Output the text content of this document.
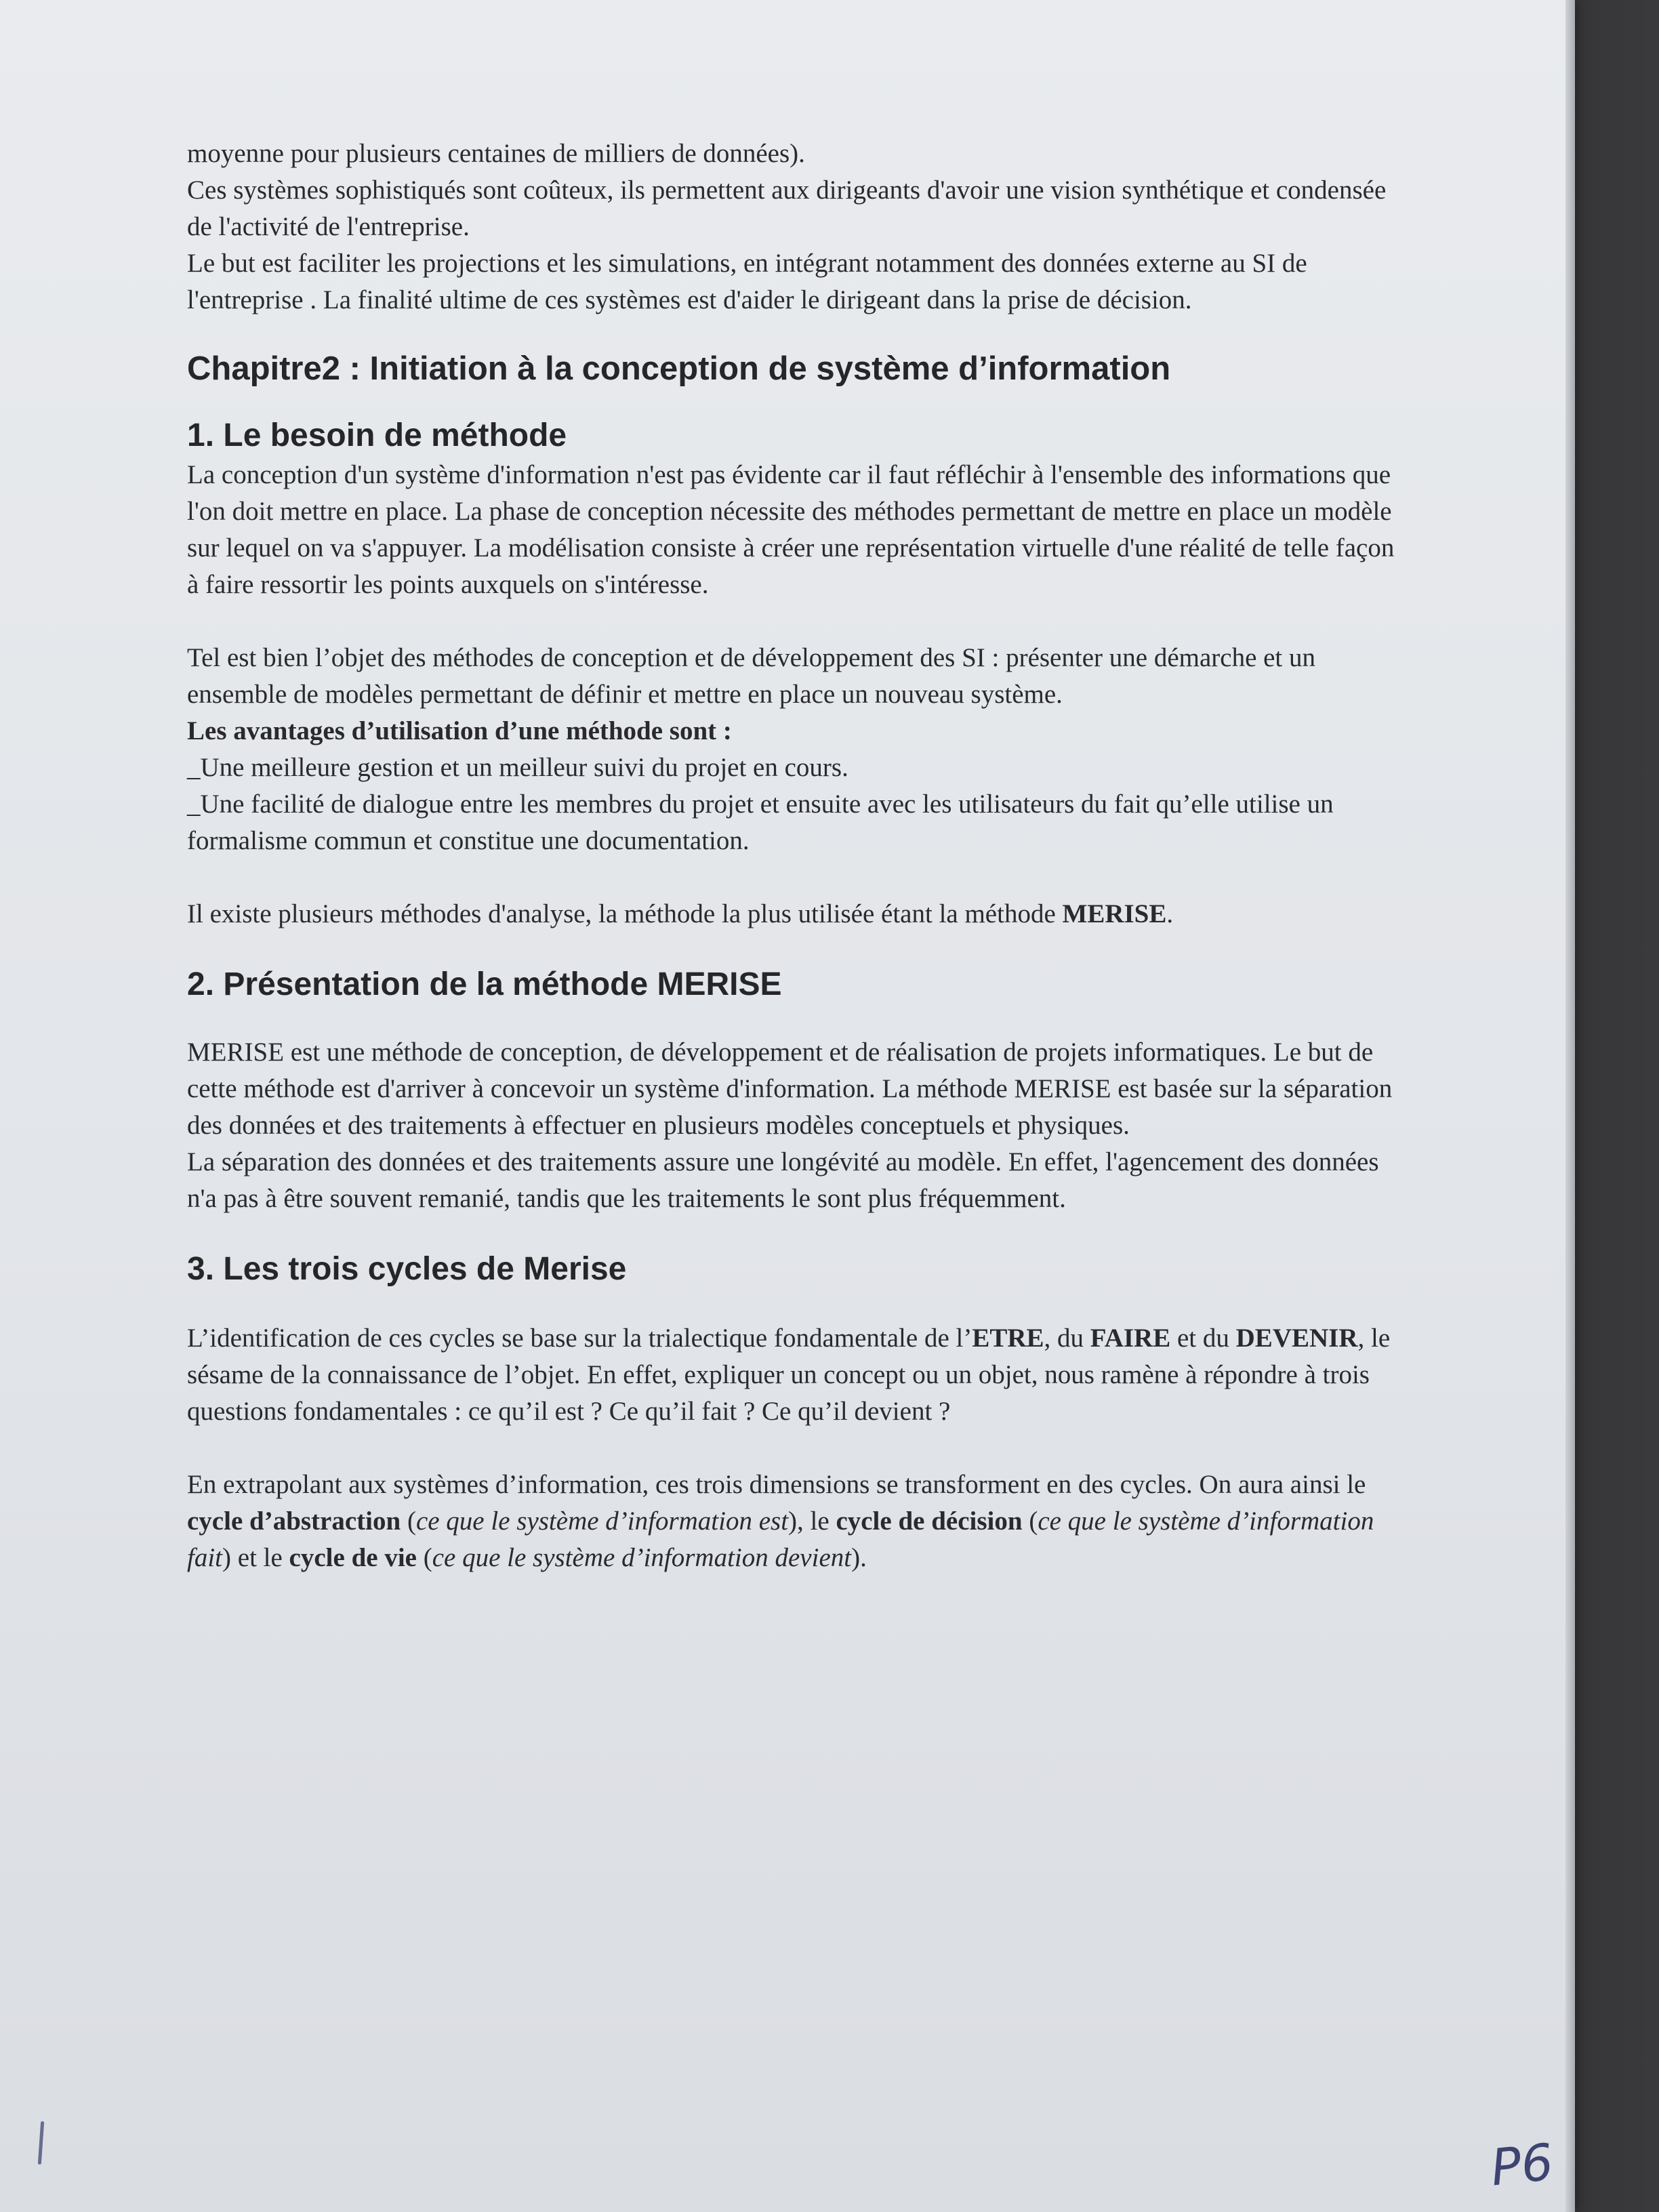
moyenne pour plusieurs centaines de milliers de données).

Ces systèmes sophistiqués sont coûteux, ils permettent aux dirigeants d'avoir une vision synthétique et condensée de l'activité de l'entreprise.

Le but est faciliter les projections et les simulations, en intégrant notamment des données externe au SI de l'entreprise . La finalité ultime de ces systèmes est d'aider le dirigeant dans la prise de décision.

Chapitre2 : Initiation à la conception de système d’information
1. Le besoin de méthode

La conception d'un système d'information n'est pas évidente car il faut réfléchir à l'ensemble des informations que l'on doit mettre en place. La phase de conception nécessite des méthodes permettant de mettre en place un modèle sur lequel on va s'appuyer. La modélisation consiste à créer une représentation virtuelle d'une réalité de telle façon à faire ressortir les points auxquels on s'intéresse.

Tel est bien l’objet des méthodes de conception et de développement des SI : présenter une démarche et un ensemble de modèles permettant de définir et mettre en place un nouveau système.

Les avantages d’utilisation d’une méthode sont :

_Une meilleure gestion et un meilleur suivi du projet en cours.

_Une facilité de dialogue entre les membres du projet et ensuite avec les utilisateurs du fait qu’elle utilise un formalisme commun et constitue une documentation.

Il existe plusieurs méthodes d'analyse, la méthode la plus utilisée étant la méthode MERISE.

2. Présentation de la méthode MERISE

MERISE est une méthode de conception, de développement et de réalisation de projets informatiques. Le but de cette méthode est d'arriver à concevoir un système d'information. La méthode MERISE est basée sur la séparation des données et des traitements à effectuer en plusieurs modèles conceptuels et physiques.

La séparation des données et des traitements assure une longévité au modèle. En effet, l'agencement des données n'a pas à être souvent remanié, tandis que les traitements le sont plus fréquemment.

3. Les trois cycles de Merise

L’identification de ces cycles se base sur la trialectique fondamentale de l’ETRE, du FAIRE et du DEVENIR, le sésame de la connaissance de l’objet. En effet, expliquer un concept ou un objet, nous ramène à répondre à trois questions fondamentales : ce qu’il est ? Ce qu’il fait ? Ce qu’il devient ?

En extrapolant aux systèmes d’information, ces trois dimensions se transforment en des cycles. On aura ainsi le cycle d’abstraction (ce que le système d’information est), le cycle de décision (ce que le système d’information fait) et le cycle de vie (ce que le système d’information devient).

P6
